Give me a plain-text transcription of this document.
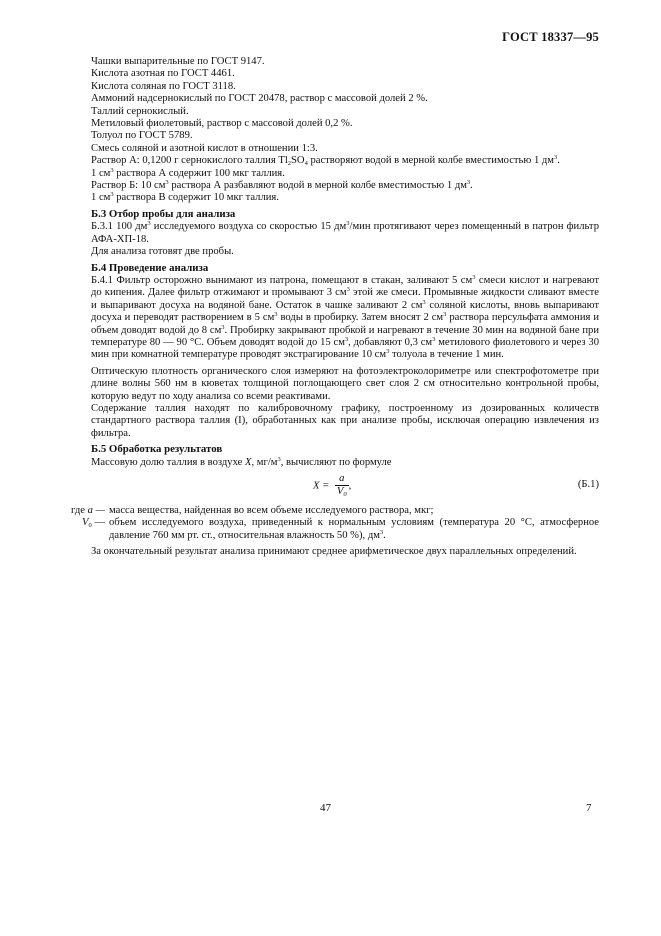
ГОСТ 18337—95
Чашки выпарительные по ГОСТ 9147.
Кислота азотная по ГОСТ 4461.
Кислота соляная по ГОСТ 3118.
Аммоний надсернокислый по ГОСТ 20478, раствор с массовой долей 2 %.
Таллий сернокислый.
Метиловый фиолетовый, раствор с массовой долей 0,2 %.
Толуол по ГОСТ 5789.
Смесь соляной и азотной кислот в отношении 1:3.
Раствор А: 0,1200 г сернокислого таллия $Tl_2SO_4$ растворяют водой в мерной колбе вместимостью 1 $дм^3$.
1 $см^3$ раствора А содержит 100 мкг таллия.
Раствор Б: 10 $см^3$ раствора А разбавляют водой в мерной колбе вместимостью 1 $дм^3$.
1 $см^3$ раствора В содержит 10 мкг таллия.
Б.3 Отбор пробы для анализа

Б.3.1 100 $дм^3$ исследуемого воздуха со скоростью 15 $дм^3$/мин протягивают через помещенный в патрон фильтр АФА-ХП-18.

Для анализа готовят две пробы.
Б.4 Проведение анализа

Б.4.1 Фильтр осторожно вынимают из патрона, помещают в стакан, заливают 5 $см^3$ смеси кислот и нагревают до кипения. Далее фильтр отжимают и промывают 3 $см^3$ этой же смеси. Промывные жидкости сливают вместе и выпаривают досуха на водяной бане. Остаток в чашке заливают 2 $см^3$ соляной кислоты, вновь выпаривают досуха и переводят растворением в 5 $см^3$ воды в пробирку. Затем вносят 2 $см^3$ раствора персульфата аммония и объем доводят водой до 8 $см^3$. Пробирку закрывают пробкой и нагревают в течение 30 мин на водяной бане при температуре 80 — 90 °С. Объем доводят водой до 15 $см^3$, добавляют 0,3 $см^3$ метилового фиолетового и через 30 мин при комнатной температуре проводят экстрагирование 10 $см^3$ толуола в течение 1 мин.

Оптическую плотность органического слоя измеряют на фотоэлектроколориметре или спектрофотометре при длине волны 560 нм в кюветах толщиной поглощающего свет слоя 2 см относительно контрольной пробы, которую ведут по ходу анализа со всеми реактивами.

Содержание таллия находят по калибровочному графику, построенному из дозированных количеств стандартного раствора таллия (I), обработанных как при анализе пробы, исключая операцию извлечения из фильтра.

Б.5 Обработка результатов
Массовую долю таллия в воздухе X, $мг/м^3$, вычисляют по формуле
$X = \frac{a}{V_0}$ ,	(Б.1)
где a — масса вещества, найденная во всем объеме исследуемого раствора, мкг;
$V_0$ — объем исследуемого воздуха, приведенный к нормальным условиям (температура 20 °С, атмосферное давление 760 мм рт. ст., относительная влажность 50 %), $дм^3$.
За окончательный результат анализа принимают среднее арифметическое двух параллельных определений.
47	7
